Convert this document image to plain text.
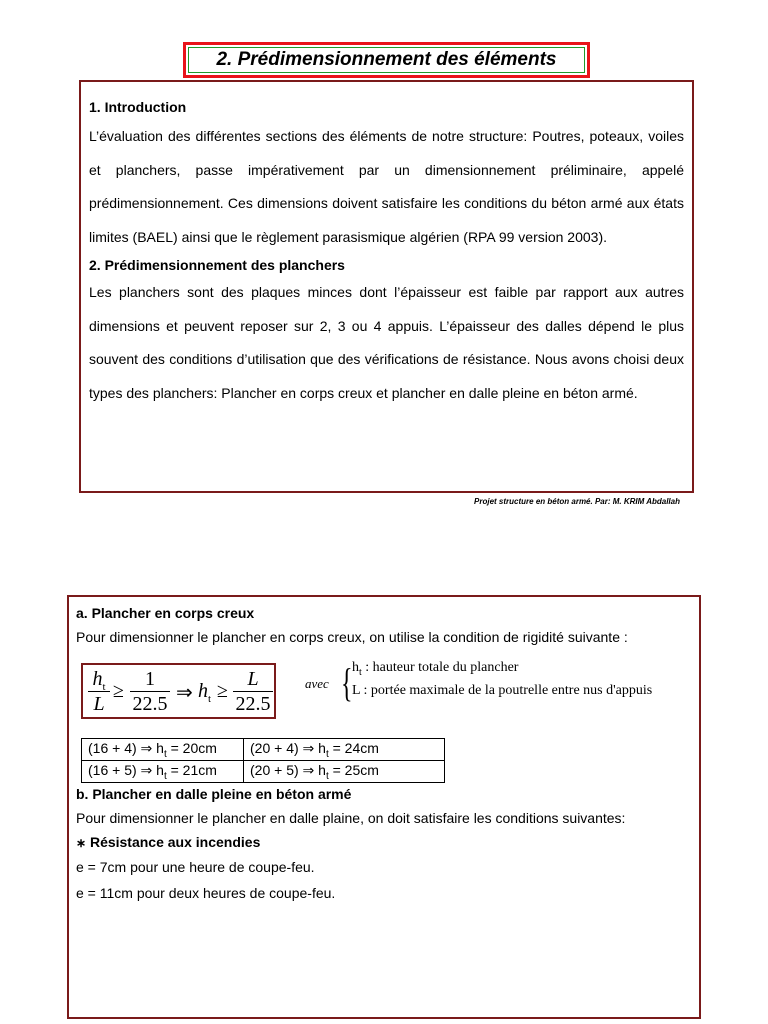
2. Prédimensionnement des éléments
1. Introduction

L’évaluation des différentes sections des éléments de notre structure: Poutres, poteaux, voiles et planchers, passe impérativement par un dimensionnement préliminaire, appelé prédimensionnement. Ces dimensions doivent satisfaire les conditions du béton armé aux états limites (BAEL) ainsi que le règlement parasismique algérien (RPA 99 version 2003).

2. Prédimensionnement des planchers

Les planchers sont des plaques minces dont l’épaisseur est faible par rapport aux autres dimensions et peuvent reposer sur 2, 3 ou 4 appuis. L’épaisseur des dalles dépend le plus souvent des conditions d’utilisation que des vérifications de résistance. Nous avons choisi deux types des planchers: Plancher en corps creux et plancher en dalle pleine en béton armé.

Projet structure en béton armé. Par: M. KRIM Abdallah
a. Plancher en corps creux

Pour dimensionner le plancher en corps creux, on utilise la condition de rigidité suivante :

$\frac{h_t}{L} \ge \frac{1}{22.5}$ ⇒ $h_t \ge \frac{L}{22.5}$ avec { $h_t$ : hauteur totale du plancher
L : portée maximale de la poutrelle entre nus d'appuis
(16 + 4) ⇒ $h_t = 20cm$	(20 + 4) ⇒ $h_t = 24cm$
(16 + 5) ⇒ $h_t = 21cm$	(20 + 5) ⇒ $h_t = 25cm$
b. Plancher en dalle pleine en béton armé

Pour dimensionner le plancher en dalle plaine, on doit satisfaire les conditions suivantes:

∗ Résistance aux incendies

e = 7cm pour une heure de coupe-feu.

e = 11cm pour deux heures de coupe-feu.
